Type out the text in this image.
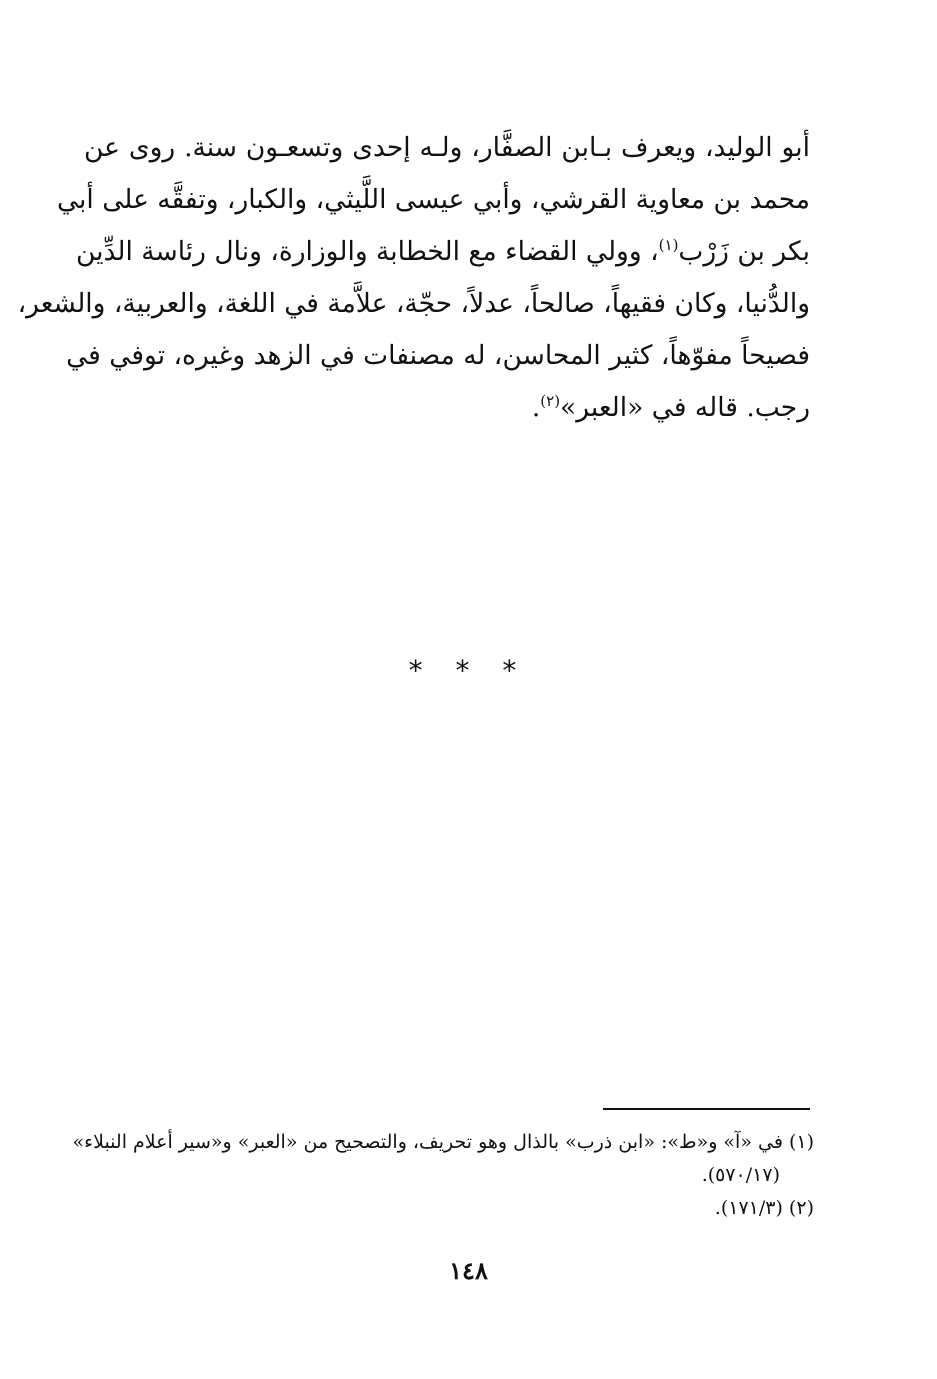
أبو الوليد، ويعرف بـابن الصفَّار، ولـه إحدى وتسعـون سنة. روى عن
محمد بن معاوية القرشي، وأبي عيسى اللَّيثي، والكبار، وتفقَّه على أبي
بكر بن زَرْب$^{(١)}$، وولي القضاء مع الخطابة والوزارة، ونال رئاسة الدِّين
والدُّنيا، وكان فقيهاً، صالحاً، عدلاً، حجّة، علاَّمة في اللغة، والعربية، والشعر،
فصيحاً مفوّهاً، كثير المحاسن، له مصنفات في الزهد وغيره، توفي في
رجب. قاله في «العبر»$^{(٢)}$.
* * *
(١) في «آ» و«ط»: «ابن ذرب» بالذال وهو تحريف، والتصحيح من «العبر» و«سير أعلام النبلاء»
(٥٧٠/١٧).
(٢) (١٧١/٣).
١٤٨
